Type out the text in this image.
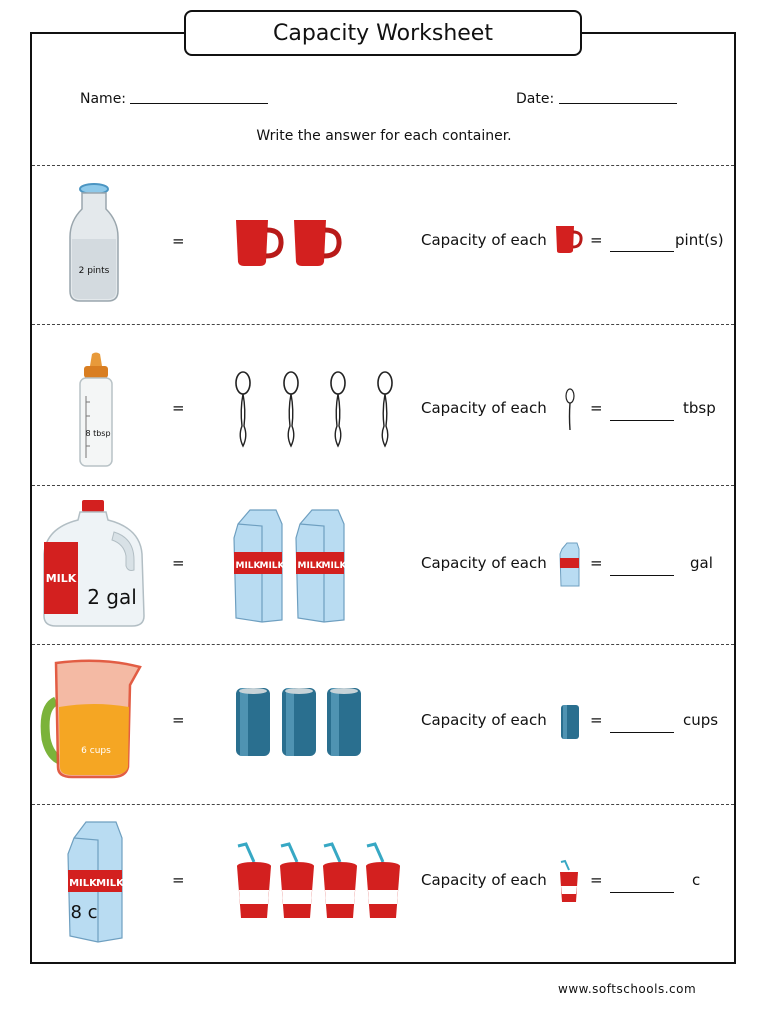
Capacity Worksheet
Name:	Date:
Write the answer for each container.
2 pints
=	Capacity of each	=	pint(s)
8 tbsp
=	Capacity of each	=	tbsp
MILK
2 gal
=	MILK
MILK MILK
MILK	Capacity of each	=	gal
6 cups
=	Capacity of each	=	cups
MILK MILK
8 c
=	Capacity of each	=	c
www.softschools.com
